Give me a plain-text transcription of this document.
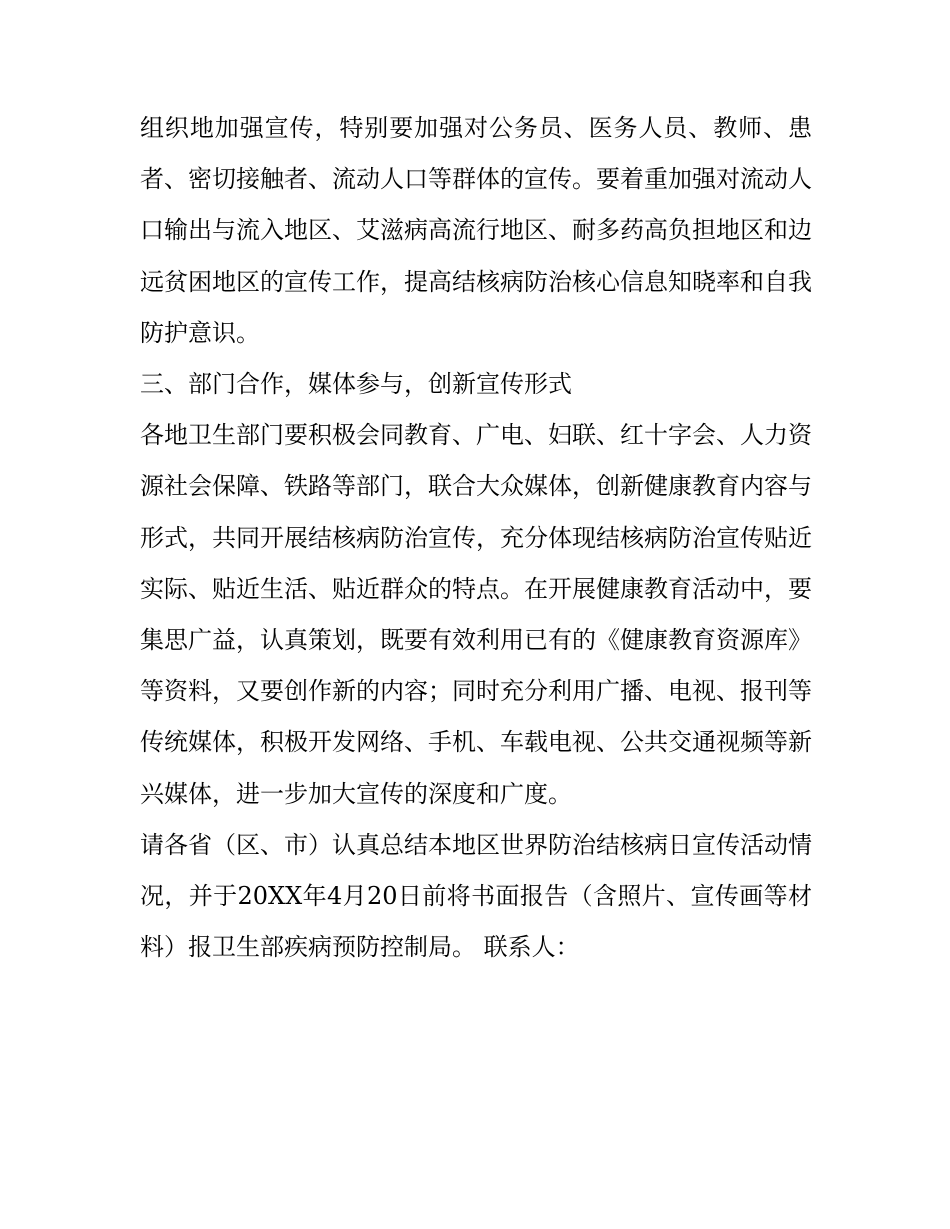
组织地加强宣传，特别要加强对公务员、医务人员、教师、患者、密切接触者、流动人口等群体的宣传。要着重加强对流动人口输出与流入地区、艾滋病高流行地区、耐多药高负担地区和边远贫困地区的宣传工作，提高结核病防治核心信息知晓率和自我防护意识。

三、部门合作，媒体参与，创新宣传形式

各地卫生部门要积极会同教育、广电、妇联、红十字会、人力资源社会保障、铁路等部门，联合大众媒体，创新健康教育内容与形式，共同开展结核病防治宣传，充分体现结核病防治宣传贴近实际、贴近生活、贴近群众的特点。在开展健康教育活动中，要集思广益，认真策划，既要有效利用已有的《健康教育资源库》等资料，又要创作新的内容；同时充分利用广播、电视、报刊等传统媒体，积极开发网络、手机、车载电视、公共交通视频等新兴媒体，进一步加大宣传的深度和广度。

请各省（区、市）认真总结本地区世界防治结核病日宣传活动情况，并于20XX年4月20日前将书面报告（含照片、宣传画等材料）报卫生部疾病预防控制局。 联系人：
